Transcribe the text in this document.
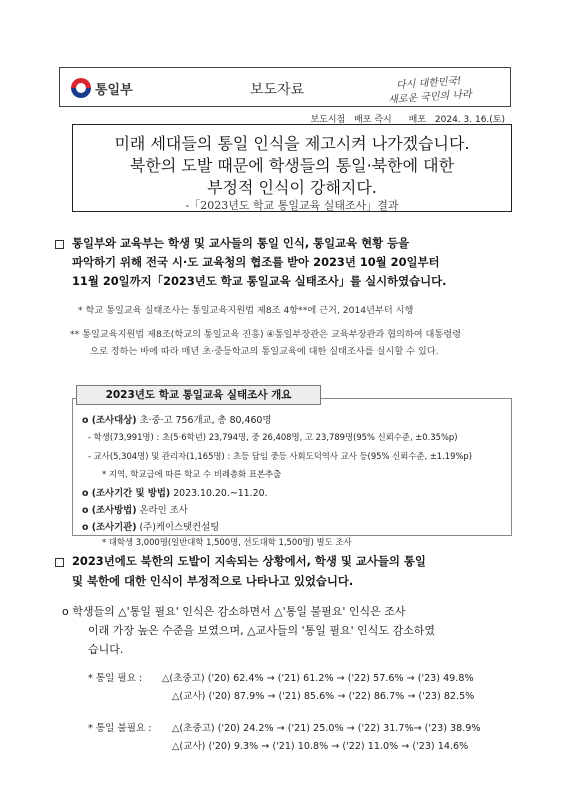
통일부	보도자료	다시 대한민국!
새로운 국민의 나라
보도시점 배포 즉시 배포 2024. 3. 16.(토)
미래 세대들의 통일 인식을 제고시켜 나가겠습니다.
북한의 도발 때문에 학생들의 통일·북한에 대한
부정적 인식이 강해지다.
-「2023년도 학교 통일교육 실태조사」결과
통일부와 교육부는 학생 및 교사들의 통일 인식, 통일교육 현황 등을
파악하기 위해 전국 시·도 교육청의 협조를 받아 2023년 10월 20일부터
11월 20일까지「2023년도 학교 통일교육 실태조사」를 실시하였습니다.
* 학교 통일교육 실태조사는 통일교육지원법 제8조 4항**에 근거, 2014년부터 시행
** 통일교육지원법 제8조(학교의 통일교육 진흥) ④통일부장관은 교육부장관과 협의하여 대통령령
으로 정하는 바에 따라 매년 초·중등학교의 통일교육에 대한 실태조사를 실시할 수 있다.
2023년도 학교 통일교육 실태조사 개요
o (조사대상) 초·중·고 756개교, 총 80,460명
- 학생(73,991명) : 초(5·6학년) 23,794명, 중 26,408명, 고 23,789명(95% 신뢰수준, ±0.35%p)
- 교사(5,304명) 및 관리자(1,165명) : 초등 담임 중등 사회도덕역사 교사 등(95% 신뢰수준, ±1.19%p)
* 지역, 학교급에 따른 학교 수 비례층화 표본추출
o (조사기간 및 방법) 2023.10.20.~11.20.
o (조사방법) 온라인 조사
o (조사기관) (주)케이스탯컨설팅
* 대학생 3,000명(일반대학 1,500명, 선도대학 1,500명) 별도 조사
2023년에도 북한의 도발이 지속되는 상황에서, 학생 및 교사들의 통일
및 북한에 대한 인식이 부정적으로 나타나고 있었습니다.
o 학생들의 △'통일 필요' 인식은 감소하면서 △'통일 불필요' 인식은 조사
이래 가장 높은 수준을 보였으며, △교사들의 '통일 필요' 인식도 감소하였
습니다.
* 통일 필요 : △(초중고) ('20) 62.4% → ('21) 61.2% → ('22) 57.6% → ('23) 49.8%
△(교사) ('20) 87.9% → ('21) 85.6% → ('22) 86.7% → ('23) 82.5%
* 통일 불필요 : △(초중고) ('20) 24.2% → ('21) 25.0% → ('22) 31.7%→ ('23) 38.9%
△(교사) ('20) 9.3% → ('21) 10.8% → ('22) 11.0% → ('23) 14.6%
